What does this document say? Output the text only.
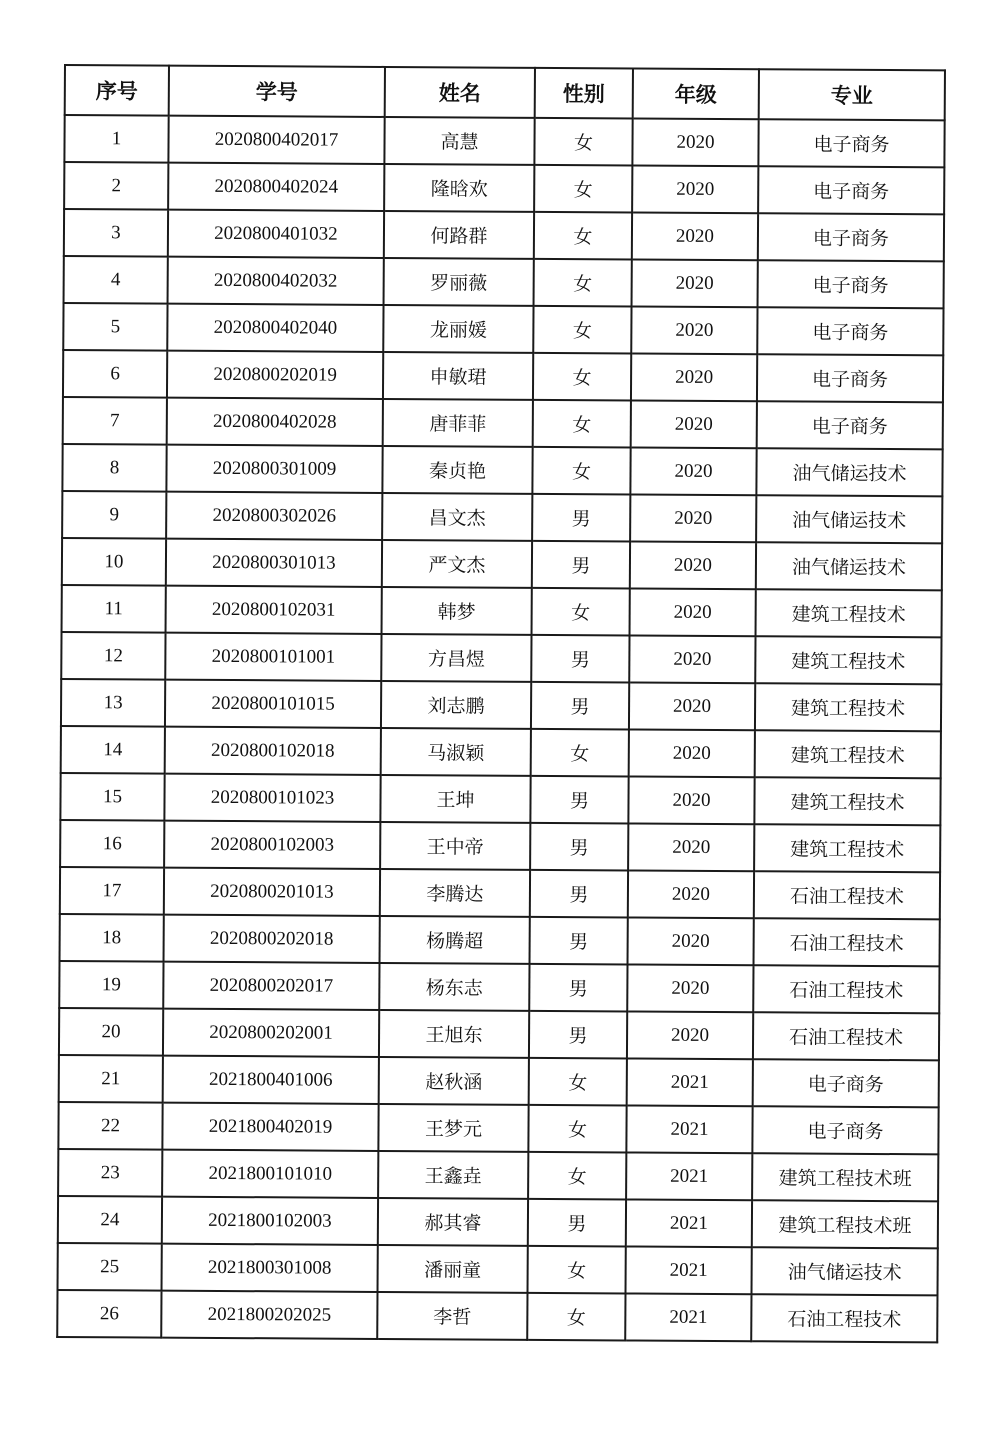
序号	学号	姓名	性别	年级	专业
1	2020800402017	高慧	女	2020	电子商务
2	2020800402024	隆晗欢	女	2020	电子商务
3	2020800401032	何路群	女	2020	电子商务
4	2020800402032	罗丽薇	女	2020	电子商务
5	2020800402040	龙丽媛	女	2020	电子商务
6	2020800202019	申敏珺	女	2020	电子商务
7	2020800402028	唐菲菲	女	2020	电子商务
8	2020800301009	秦贞艳	女	2020	油气储运技术
9	2020800302026	昌文杰	男	2020	油气储运技术
10	2020800301013	严文杰	男	2020	油气储运技术
11	2020800102031	韩梦	女	2020	建筑工程技术
12	2020800101001	方昌煜	男	2020	建筑工程技术
13	2020800101015	刘志鹏	男	2020	建筑工程技术
14	2020800102018	马淑颖	女	2020	建筑工程技术
15	2020800101023	王坤	男	2020	建筑工程技术
16	2020800102003	王中帝	男	2020	建筑工程技术
17	2020800201013	李腾达	男	2020	石油工程技术
18	2020800202018	杨腾超	男	2020	石油工程技术
19	2020800202017	杨东志	男	2020	石油工程技术
20	2020800202001	王旭东	男	2020	石油工程技术
21	2021800401006	赵秋涵	女	2021	电子商务
22	2021800402019	王梦元	女	2021	电子商务
23	2021800101010	王鑫垚	女	2021	建筑工程技术班
24	2021800102003	郝其睿	男	2021	建筑工程技术班
25	2021800301008	潘丽童	女	2021	油气储运技术
26	2021800202025	李哲	女	2021	石油工程技术
